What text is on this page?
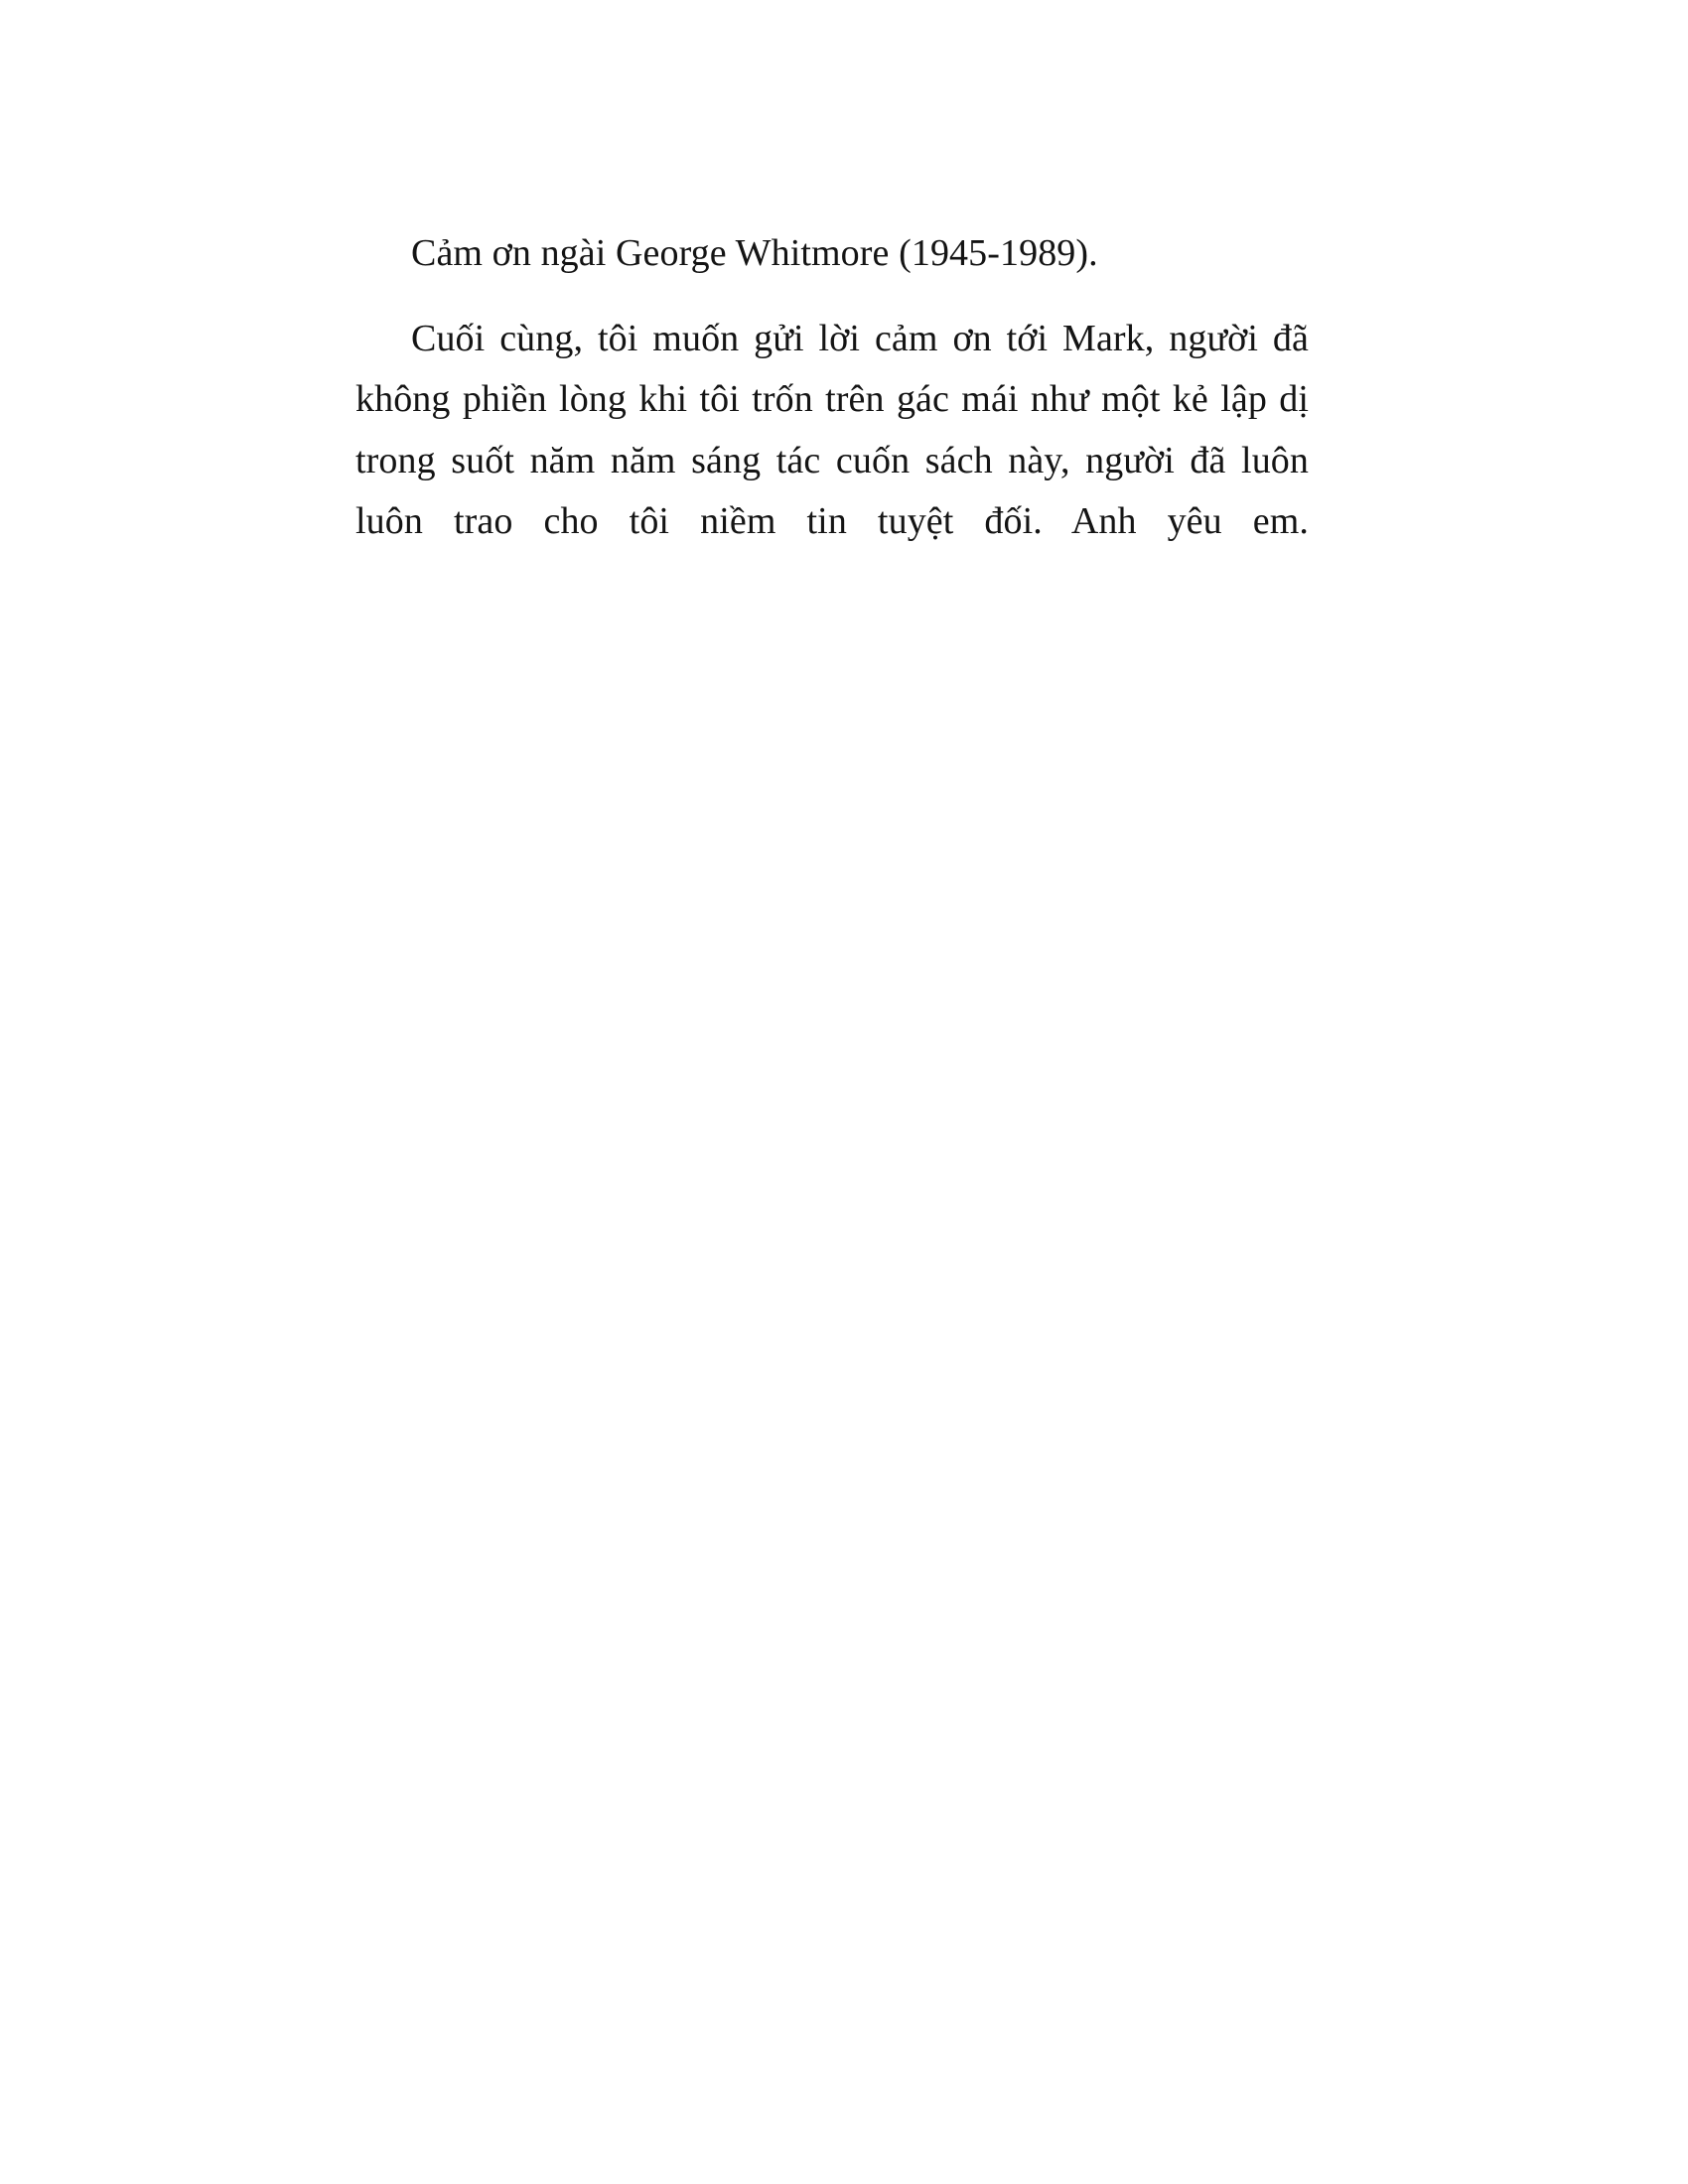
Cảm ơn ngài George Whitmore (1945-1989).

Cuối cùng, tôi muốn gửi lời cảm ơn tới Mark, người đã không phiền lòng khi tôi trốn trên gác mái như một kẻ lập dị trong suốt năm năm sáng tác cuốn sách này, người đã luôn luôn trao cho tôi niềm tin tuyệt đối. Anh yêu em.
